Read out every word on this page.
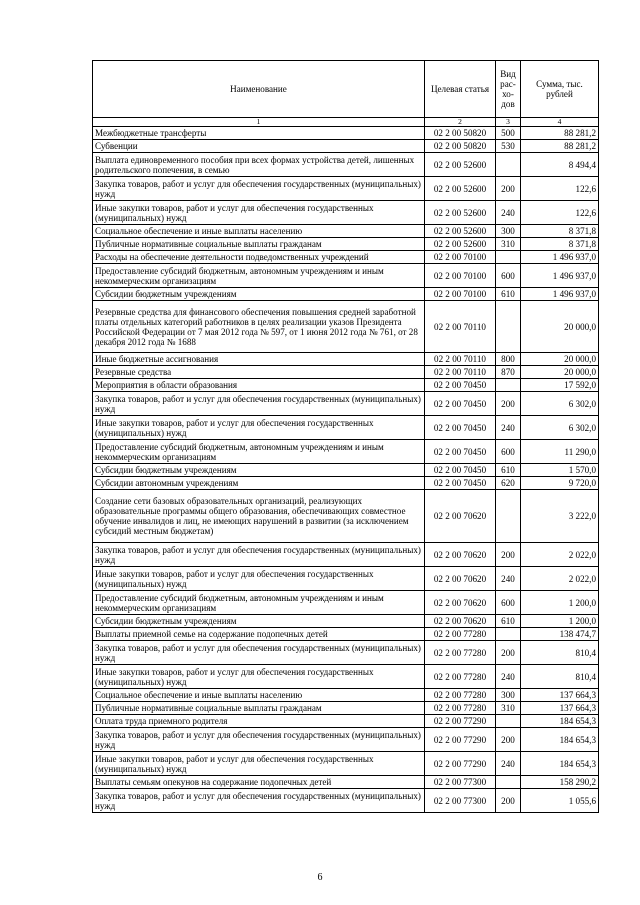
Наименование	Целевая статья	Вид рас-хо-дов	Сумма, тыс. рублей
1	2	3	4
Межбюджетные трансферты	02 2 00 50820	500	88 281,2
Субвенции	02 2 00 50820	530	88 281,2
Выплата единовременного пособия при всех формах устройства детей, лишенных родительского попечения, в семью	02 2 00 52600		8 494,4
Закупка товаров, работ и услуг для обеспечения государственных (муниципальных) нужд	02 2 00 52600	200	122,6
Иные закупки товаров, работ и услуг для обеспечения государственных (муниципальных) нужд	02 2 00 52600	240	122,6
Социальное обеспечение и иные выплаты населению	02 2 00 52600	300	8 371,8
Публичные нормативные социальные выплаты гражданам	02 2 00 52600	310	8 371,8
Расходы на обеспечение деятельности подведомственных учреждений	02 2 00 70100		1 496 937,0
Предоставление субсидий бюджетным, автономным учреждениям и иным некоммерческим организациям	02 2 00 70100	600	1 496 937,0
Субсидии бюджетным учреждениям	02 2 00 70100	610	1 496 937,0
Резервные средства для финансового обеспечения повышения средней заработной платы отдельных категорий работников в целях реализации указов Президента Российской Федерации от 7 мая 2012 года № 597, от 1 июня 2012 года № 761, от 28 декабря 2012 года № 1688	02 2 00 70110		20 000,0
Иные бюджетные ассигнования	02 2 00 70110	800	20 000,0
Резервные средства	02 2 00 70110	870	20 000,0
Мероприятия в области образования	02 2 00 70450		17 592,0
Закупка товаров, работ и услуг для обеспечения государственных (муниципальных) нужд	02 2 00 70450	200	6 302,0
Иные закупки товаров, работ и услуг для обеспечения государственных (муниципальных) нужд	02 2 00 70450	240	6 302,0
Предоставление субсидий бюджетным, автономным учреждениям и иным некоммерческим организациям	02 2 00 70450	600	11 290,0
Субсидии бюджетным учреждениям	02 2 00 70450	610	1 570,0
Субсидии автономным учреждениям	02 2 00 70450	620	9 720,0
Создание сети базовых образовательных организаций, реализующих образовательные программы общего образования, обеспечивающих совместное обучение инвалидов и лиц, не имеющих нарушений в развитии (за исключением субсидий местным бюджетам)	02 2 00 70620		3 222,0
Закупка товаров, работ и услуг для обеспечения государственных (муниципальных) нужд	02 2 00 70620	200	2 022,0
Иные закупки товаров, работ и услуг для обеспечения государственных (муниципальных) нужд	02 2 00 70620	240	2 022,0
Предоставление субсидий бюджетным, автономным учреждениям и иным некоммерческим организациям	02 2 00 70620	600	1 200,0
Субсидии бюджетным учреждениям	02 2 00 70620	610	1 200,0
Выплаты приемной семье на содержание подопечных детей	02 2 00 77280		138 474,7
Закупка товаров, работ и услуг для обеспечения государственных (муниципальных) нужд	02 2 00 77280	200	810,4
Иные закупки товаров, работ и услуг для обеспечения государственных (муниципальных) нужд	02 2 00 77280	240	810,4
Социальное обеспечение и иные выплаты населению	02 2 00 77280	300	137 664,3
Публичные нормативные социальные выплаты гражданам	02 2 00 77280	310	137 664,3
Оплата труда приемного родителя	02 2 00 77290		184 654,3
Закупка товаров, работ и услуг для обеспечения государственных (муниципальных) нужд	02 2 00 77290	200	184 654,3
Иные закупки товаров, работ и услуг для обеспечения государственных (муниципальных) нужд	02 2 00 77290	240	184 654,3
Выплаты семьям опекунов на содержание подопечных детей	02 2 00 77300		158 290,2
Закупка товаров, работ и услуг для обеспечения государственных (муниципальных) нужд	02 2 00 77300	200	1 055,6
6
